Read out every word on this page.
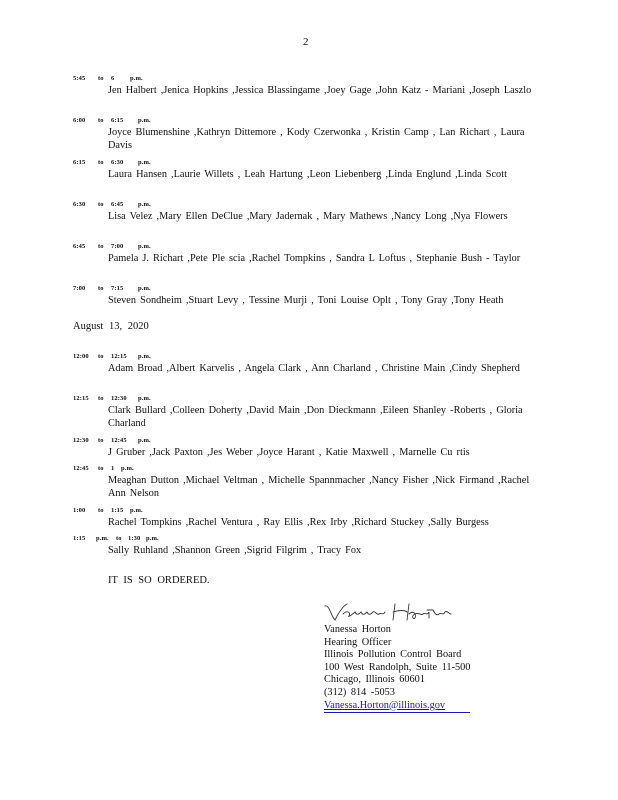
2
5:45 to 6 p.m.
Jen Halbert ,Jenica Hopkins ,Jessica Blassingame ,Joey Gage ,John Katz - Mariani ,Joseph Laszlo
6:00 to 6:15 p.m.
Joyce Blumenshine ,Kathryn Dittemore , Kody Czerwonka , Kristin Camp , Lan Richart , Laura Davis
6:15 to 6:30 p.m.
Laura Hansen ,Laurie Willets , Leah Hartung ,Leon Liebenberg ,Linda Englund ,Linda Scott
6:30 to 6:45 p.m.
Lisa Velez ,Mary Ellen DeClue ,Mary Jadernak , Mary Mathews ,Nancy Long ,Nya Flowers
6:45 to 7:00 p.m.
Pamela J. Richart ,Pete Ple scia ,Rachel Tompkins , Sandra L Loftus , Stephanie Bush - Taylor
7:00 to 7:15 p.m.
Steven Sondheim ,Stuart Levy , Tessine Murji , Toni Louise Oplt , Tony Gray ,Tony Heath
August 13, 2020
12:00 to 12:15 p.m.
Adam Broad ,Albert Karvelis , Angela Clark , Ann Charland , Christine Main ,Cindy Shepherd
12:15 to 12:30 p.m.
Clark Bullard ,Colleen Doherty ,David Main ,Don Dieckmann ,Eileen Shanley -Roberts , Gloria Charland
12:30 to 12:45 p.m.
J Gruber ,Jack Paxton ,Jes Weber ,Joyce Harant , Katie Maxwell , Marnelle Cu rtis
12:45 to 1 p.m.
Meaghan Dutton ,Michael Veltman , Michelle Spannmacher ,Nancy Fisher ,Nick Firmand ,Rachel Ann Nelson
1:00 to 1:15 p.m.
Rachel Tompkins ,Rachel Ventura , Ray Ellis ,Rex Irby ,Richard Stuckey ,Sally Burgess
1:15 p.m. to 1:30 p.m.
Sally Ruhland ,Shannon Green ,Sigrid Filgrim , Tracy Fox
IT IS SO ORDERED.
Vanessa Horton
Hearing Officer
Illinois Pollution Control Board
100 West Randolph, Suite 11-500
Chicago, Illinois 60601
(312) 814 -5053
Vanessa.Horton@illinois.gov
